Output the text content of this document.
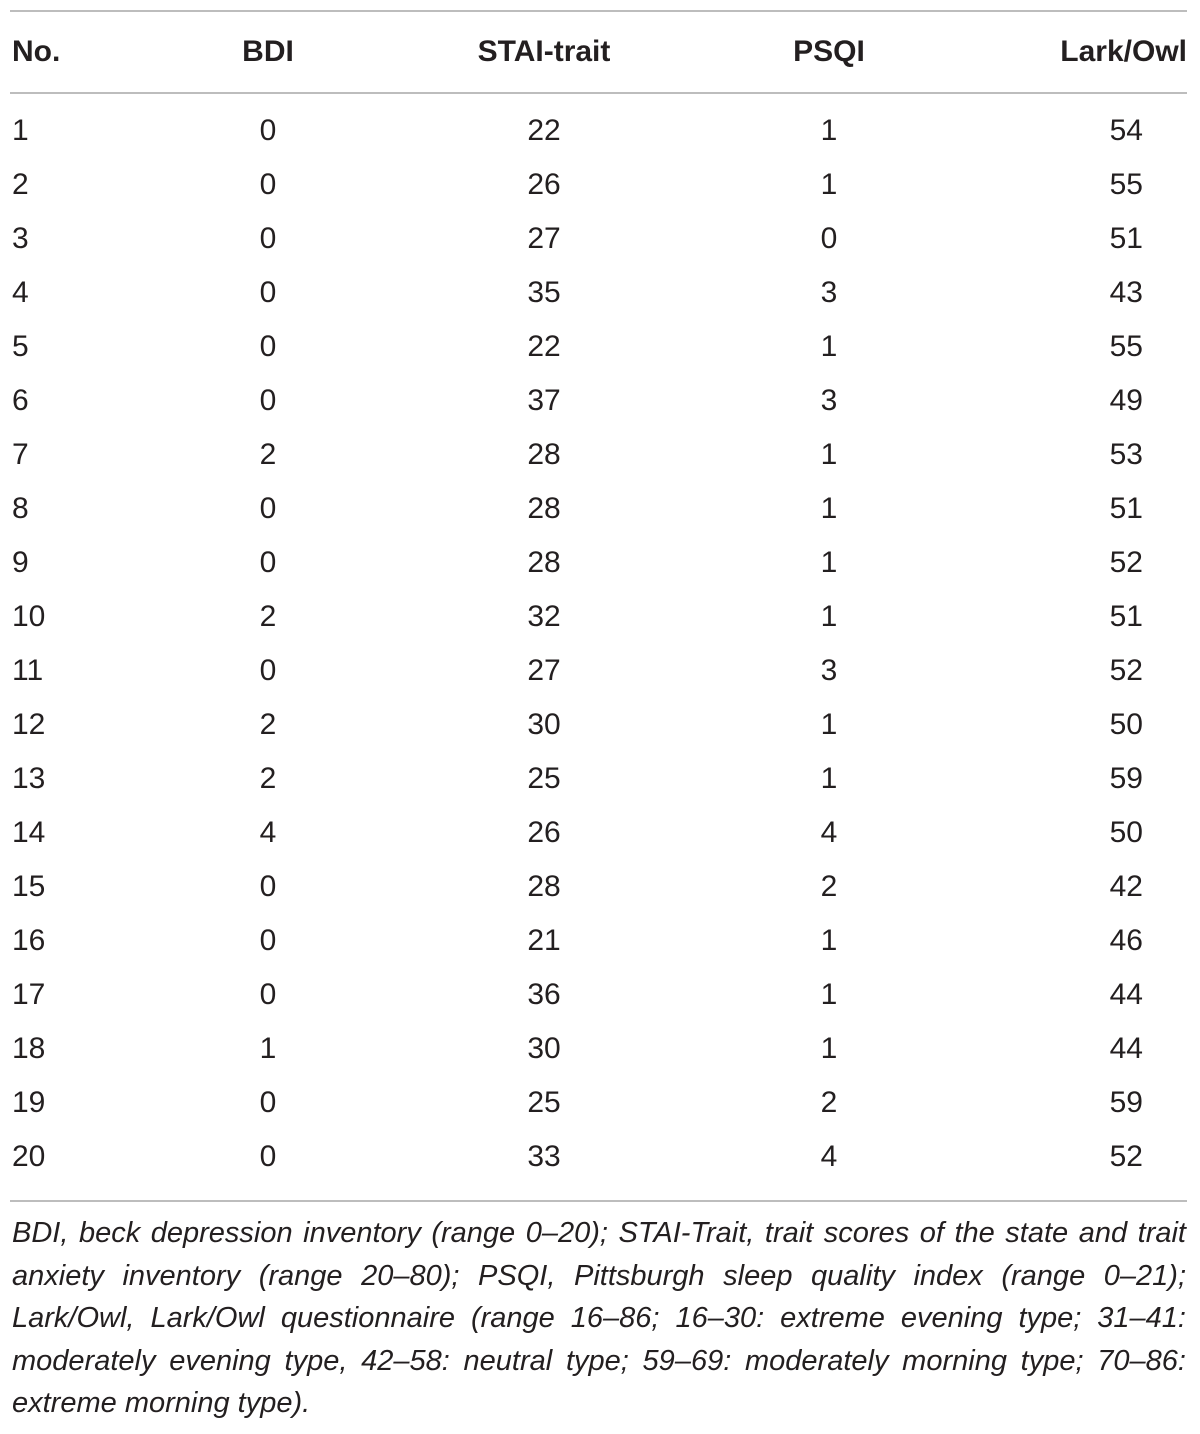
No.	BDI	STAI-trait	PSQI	Lark/Owl

1	0	22	1	54
2	0	26	1	55
3	0	27	0	51
4	0	35	3	43
5	0	22	1	55
6	0	37	3	49
7	2	28	1	53
8	0	28	1	51
9	0	28	1	52
10	2	32	1	51
11	0	27	3	52
12	2	30	1	50
13	2	25	1	59
14	4	26	4	50
15	0	28	2	42
16	0	21	1	46
17	0	36	1	44
18	1	30	1	44
19	0	25	2	59
20	0	33	4	52
BDI, beck depression inventory (range 0–20); STAI-Trait, trait scores of the state and trait anxiety inventory (range 20–80); PSQI, Pittsburgh sleep quality index (range 0–21); Lark/Owl, Lark/Owl questionnaire (range 16–86; 16–30: extreme evening type; 31–41: moderately evening type, 42–58: neutral type; 59–69: moderately morning type; 70–86: extreme morning type).
